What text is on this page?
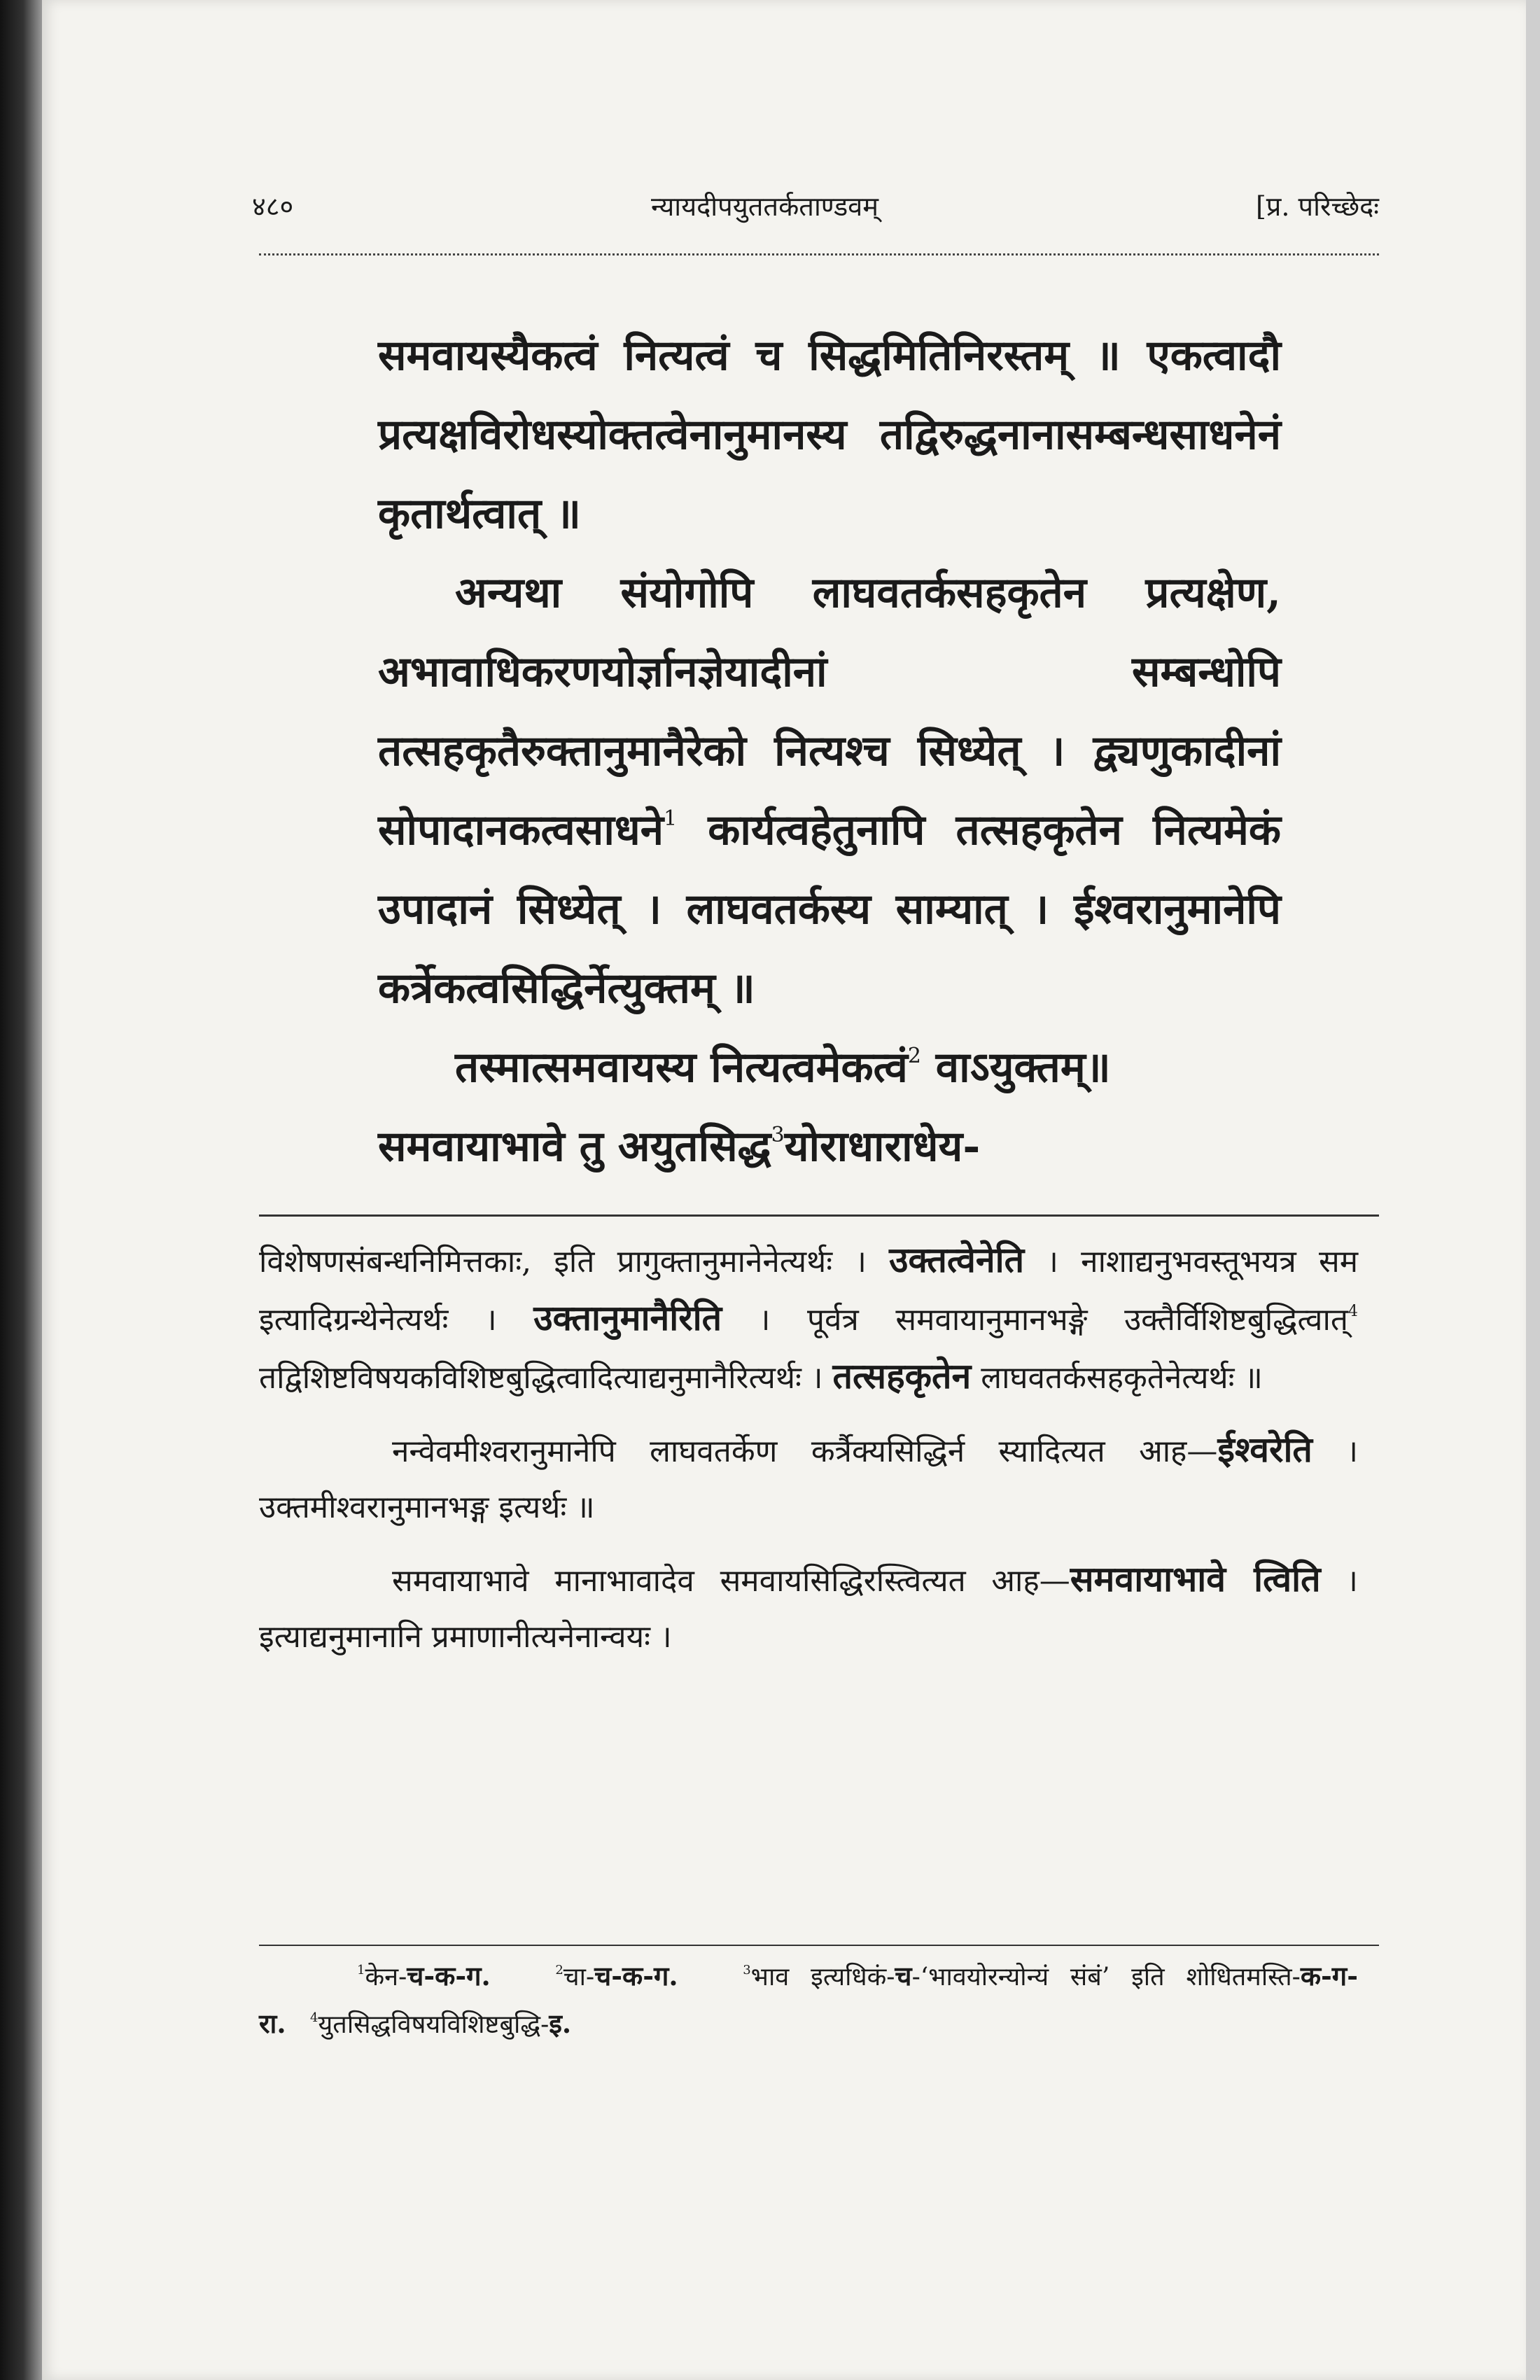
४८०	न्यायदीपयुततर्कताण्डवम्	[प्र. परिच्छेदः

समवायस्यैकत्वं नित्यत्वं च सिद्धमितिनिरस्तम् ॥ एकत्वादौ प्रत्यक्षविरोधस्योक्तत्वेनानुमानस्य तद्विरुद्धनानासम्बन्धसाधनेनं कृतार्थत्वात् ॥

अन्यथा संयोगोपि लाघवतर्कसहकृतेन प्रत्यक्षेण, अभावाधिकरणयोर्ज्ञानज्ञेयादीनां सम्बन्धोपि तत्सहकृतैरुक्तानुमानैरेको नित्यश्च सिध्येत् । द्व्यणुकादीनां सोपादानकत्वसाधने$^1$ कार्यत्वहेतुनापि तत्सहकृतेन नित्यमेकं उपादानं सिध्येत् । लाघवतर्कस्य साम्यात् । ईश्वरानुमानेपि कर्त्रेकत्वसिद्धिर्नेत्युक्तम् ॥

तस्मात्समवायस्य नित्यत्वमेकत्वं$^2$ वाऽयुक्तम्॥

समवायाभावे तु अयुतसिद्ध$^3$योराधाराधेय-

विशेषणसंबन्धनिमित्तकाः, इति प्रागुक्तानुमानेनेत्यर्थः । उक्तत्वेनेति । नाशाद्यनुभवस्तूभयत्र सम इत्यादिग्रन्थेनेत्यर्थः । उक्तानुमानैरिति । पूर्वत्र समवायानुमानभङ्गे उक्तैर्विशिष्टबुद्धित्वात्$^4$ तद्विशिष्टविषयकविशिष्टबुद्धित्वादित्याद्यनुमानैरित्यर्थः । तत्सहकृतेन लाघवतर्कसहकृतेनेत्यर्थः ॥

नन्वेवमीश्वरानुमानेपि लाघवतर्केण कर्त्रैक्यसिद्धिर्न स्यादित्यत आह—ईश्वरेति । उक्तमीश्वरानुमानभङ्ग इत्यर्थः ॥

समवायाभावे मानाभावादेव समवायसिद्धिरस्त्वित्यत आह—समवायाभावे त्विति । इत्याद्यनुमानानि प्रमाणानीत्यनेनान्वयः ।

$^1$केन-च-क-ग.	$^2$चा-च-क-ग.	$^3$भाव इत्यधिकं-च-‘भावयोरन्योन्यं संबं’ इति शोधितमस्ति-क-ग-रा. $^4$युतसिद्धविषयविशिष्टबुद्धि-इ.
